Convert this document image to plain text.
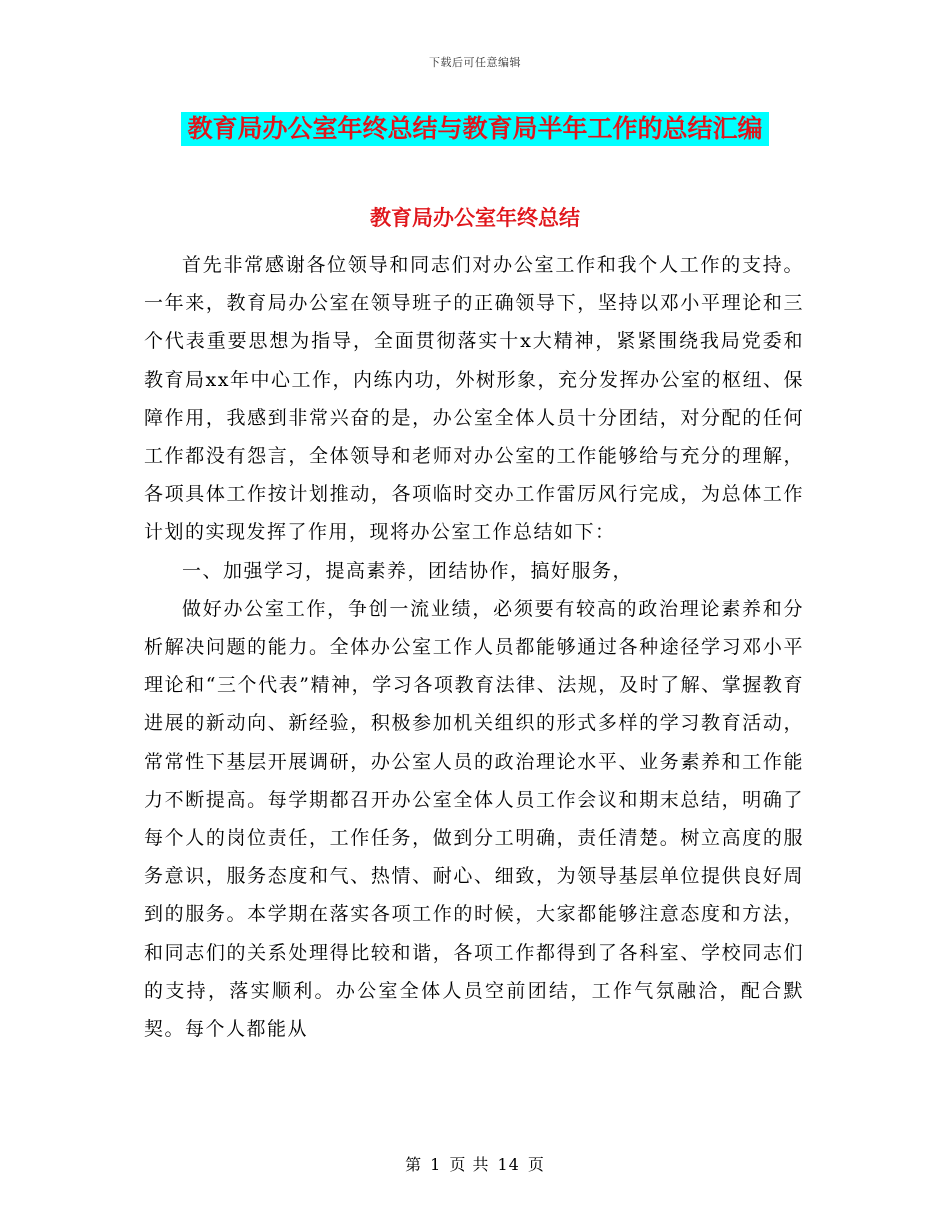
下载后可任意编辑
教育局办公室年终总结与教育局半年工作的总结汇编
教育局办公室年终总结

首先非常感谢各位领导和同志们对办公室工作和我个人工作的支持。一年来，教育局办公室在领导班子的正确领导下，坚持以邓小平理论和三个代表重要思想为指导，全面贯彻落实十x大精神，紧紧围绕我局党委和教育局xx年中心工作，内练内功，外树形象，充分发挥办公室的枢纽、保障作用，我感到非常兴奋的是，办公室全体人员十分团结，对分配的任何工作都没有怨言，全体领导和老师对办公室的工作能够给与充分的理解，各项具体工作按计划推动，各项临时交办工作雷厉风行完成，为总体工作计划的实现发挥了作用，现将办公室工作总结如下：

一、加强学习，提高素养，团结协作，搞好服务，

做好办公室工作，争创一流业绩，必须要有较高的政治理论素养和分析解决问题的能力。全体办公室工作人员都能够通过各种途径学习邓小平理论和“三个代表”精神，学习各项教育法律、法规，及时了解、掌握教育进展的新动向、新经验，积极参加机关组织的形式多样的学习教育活动，常常性下基层开展调研，办公室人员的政治理论水平、业务素养和工作能力不断提高。每学期都召开办公室全体人员工作会议和期末总结，明确了每个人的岗位责任，工作任务，做到分工明确，责任清楚。树立高度的服务意识，服务态度和气、热情、耐心、细致，为领导基层单位提供良好周到的服务。本学期在落实各项工作的时候，大家都能够注意态度和方法，和同志们的关系处理得比较和谐，各项工作都得到了各科室、学校同志们的支持，落实顺利。办公室全体人员空前团结，工作气氛融洽，配合默契。每个人都能从

第 1 页 共 14 页
